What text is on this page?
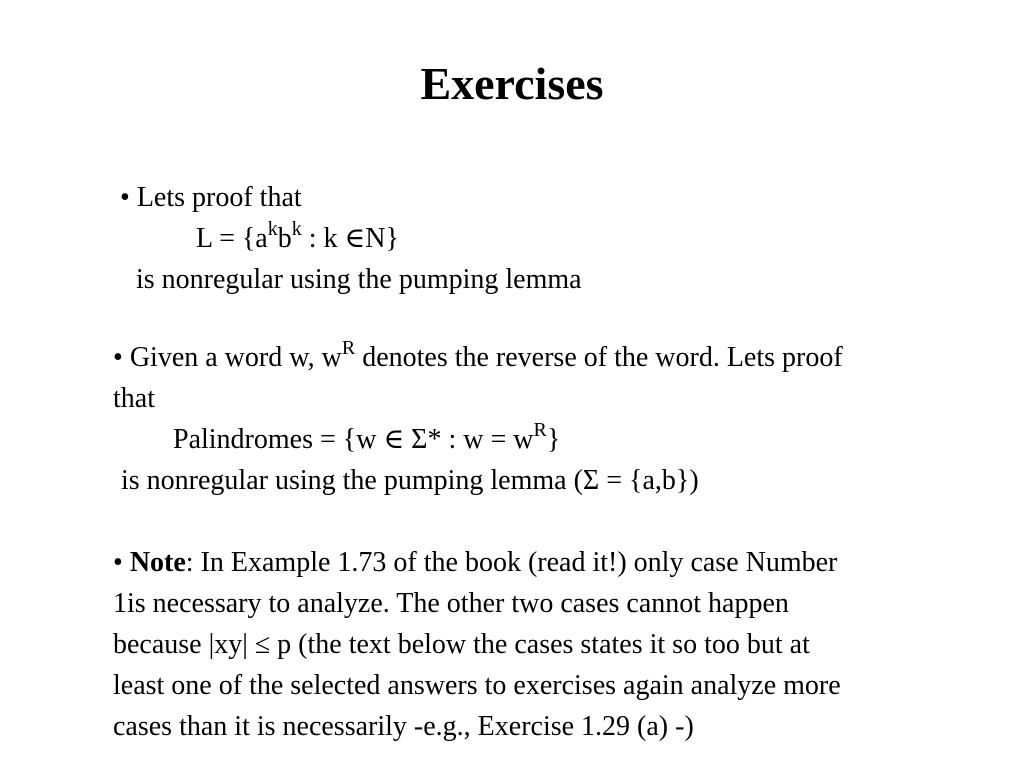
Exercises
• Lets proof that
$L = \{a^kb^k$ : k ∈N}
is nonregular using the pumping lemma
• Given a word w, $w^R$ denotes the reverse of the word. Lets proof
that
Palindromes = {w ∈ Σ* : $w = w^R$}
is nonregular using the pumping lemma (Σ = {a,b})
• Note: In Example 1.73 of the book (read it!) only case Number
1is necessary to analyze. The other two cases cannot happen
because |xy| ≤ p (the text below the cases states it so too but at
least one of the selected answers to exercises again analyze more
cases than it is necessarily -e.g., Exercise 1.29 (a) -)
